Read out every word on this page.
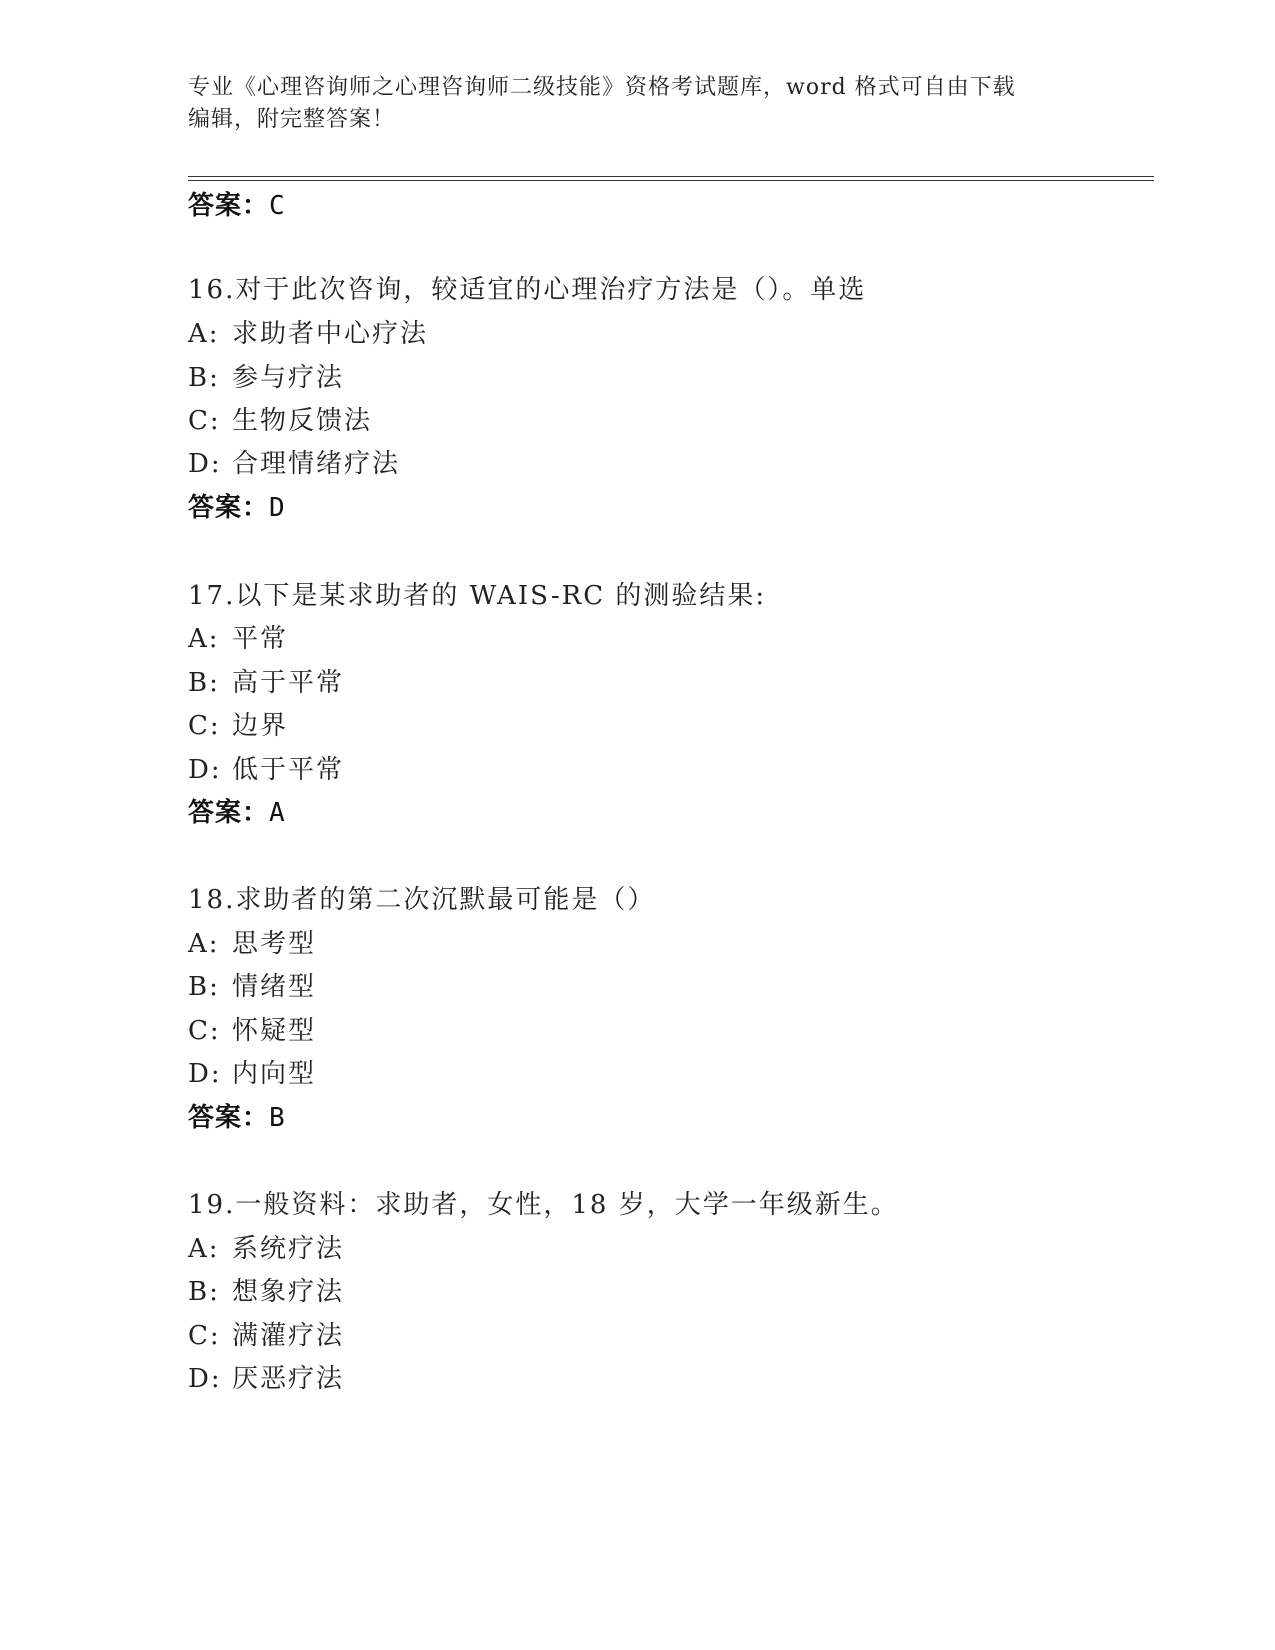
专业《心理咨询师之心理咨询师二级技能》资格考试题库，word 格式可自由下载
编辑，附完整答案！
答案：C
16.对于此次咨询，较适宜的心理治疗方法是（）。单选
A: 求助者中心疗法
B: 参与疗法
C: 生物反馈法
D: 合理情绪疗法
答案：D
17.以下是某求助者的 WAIS-RC 的测验结果:
A: 平常
B: 高于平常
C: 边界
D: 低于平常
答案：A
18.求助者的第二次沉默最可能是（）
A: 思考型
B: 情绪型
C: 怀疑型
D: 内向型
答案：B
19.一般资料：求助者，女性，18 岁，大学一年级新生。
A: 系统疗法
B: 想象疗法
C: 满灌疗法
D: 厌恶疗法
